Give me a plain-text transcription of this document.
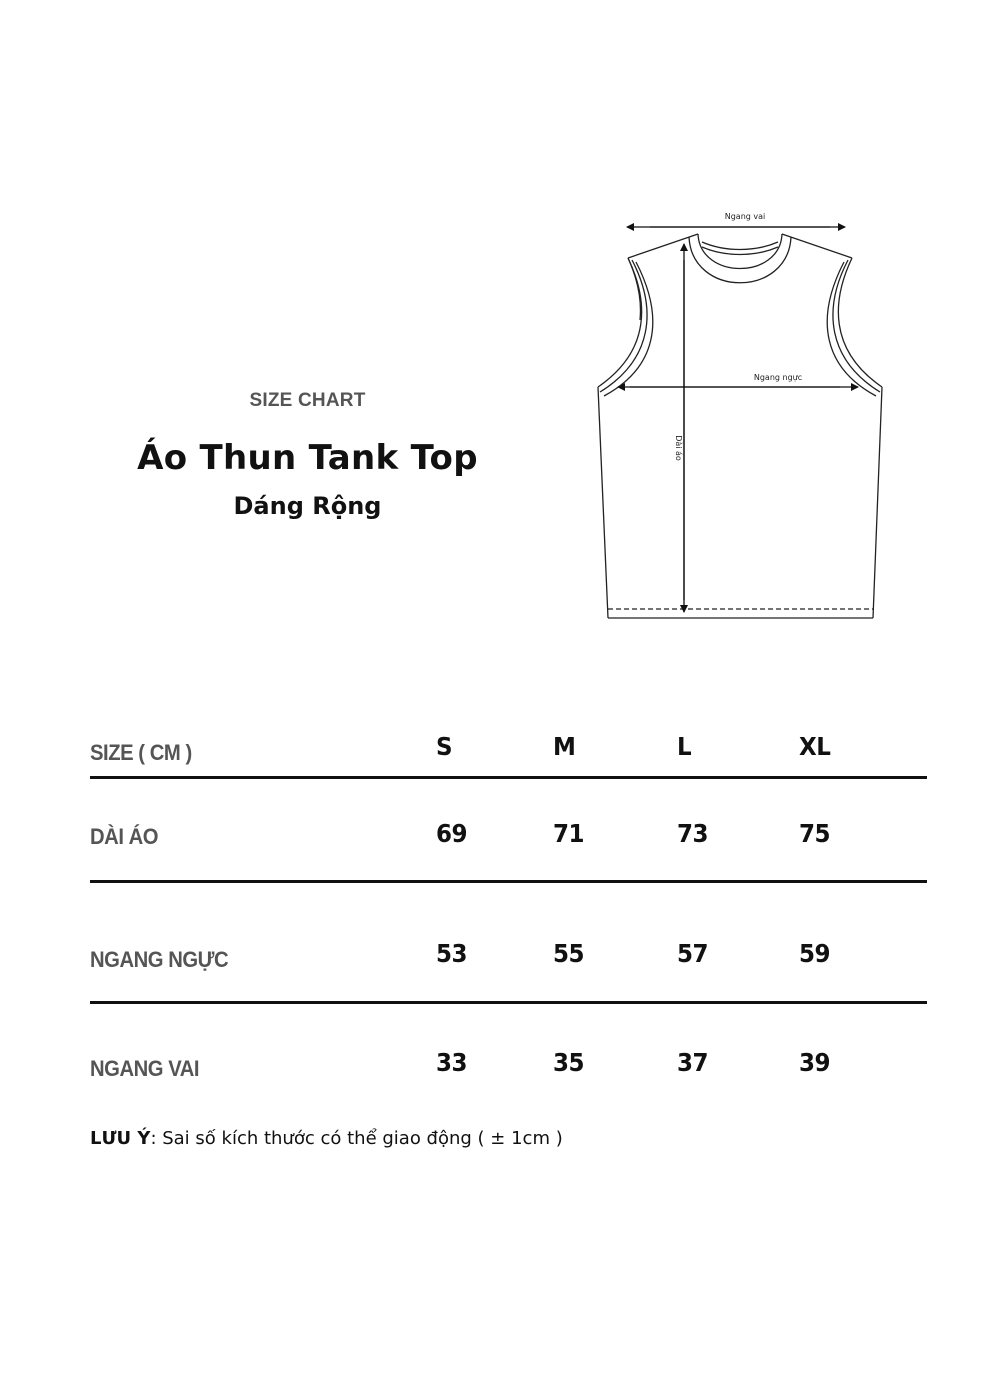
SIZE CHART
Áo Thun Tank Top
Dáng Rộng
Ngang vai
Ngang ngực
Dài áo
SIZE ( CM )	S	M	L	XL
DÀI ÁO	69	71	73	75
NGANG NGỰC	53	55	57	59
NGANG VAI	33	35	37	39
LƯU Ý: Sai số kích thước có thể giao động ( ± 1cm )
